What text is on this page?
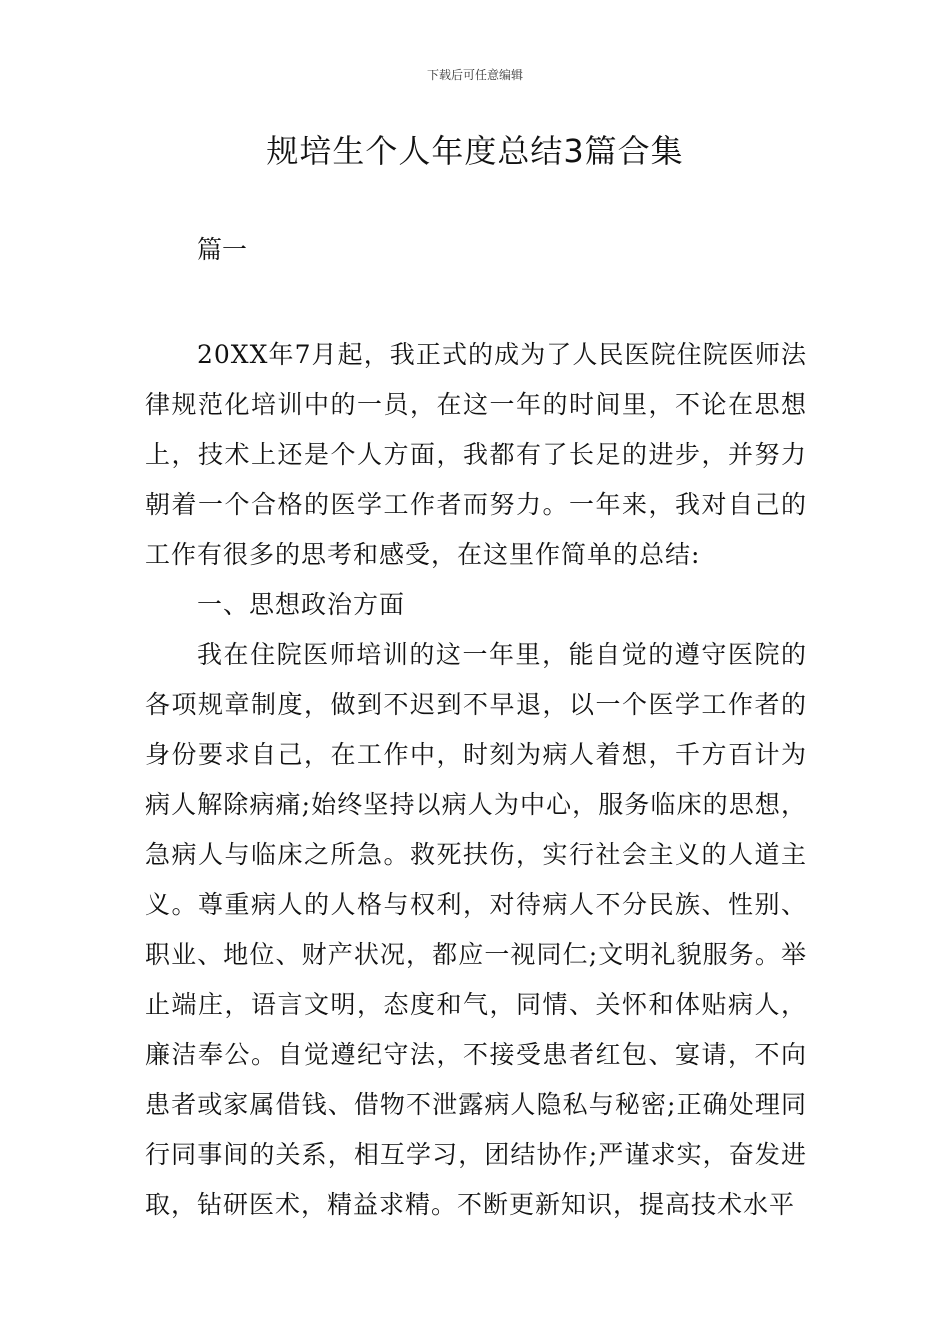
下载后可任意编辑
规培生个人年度总结3篇合集
篇一

20XX年7月起，我正式的成为了人民医院住院医师法律规范化培训中的一员，在这一年的时间里，不论在思想上，技术上还是个人方面，我都有了长足的进步，并努力朝着一个合格的医学工作者而努力。一年来，我对自己的工作有很多的思考和感受，在这里作简单的总结:

一、思想政治方面

我在住院医师培训的这一年里，能自觉的遵守医院的各项规章制度，做到不迟到不早退，以一个医学工作者的身份要求自己，在工作中，时刻为病人着想，千方百计为病人解除病痛;始终坚持以病人为中心，服务临床的思想，急病人与临床之所急。救死扶伤，实行社会主义的人道主义。尊重病人的人格与权利，对待病人不分民族、性别、职业、地位、财产状况，都应一视同仁;文明礼貌服务。举止端庄，语言文明，态度和气，同情、关怀和体贴病人，廉洁奉公。自觉遵纪守法，不接受患者红包、宴请，不向患者或家属借钱、借物不泄露病人隐私与秘密;正确处理同行同事间的关系，相互学习，团结协作;严谨求实，奋发进取，钻研医术，精益求精。不断更新知识，提高技术水平
